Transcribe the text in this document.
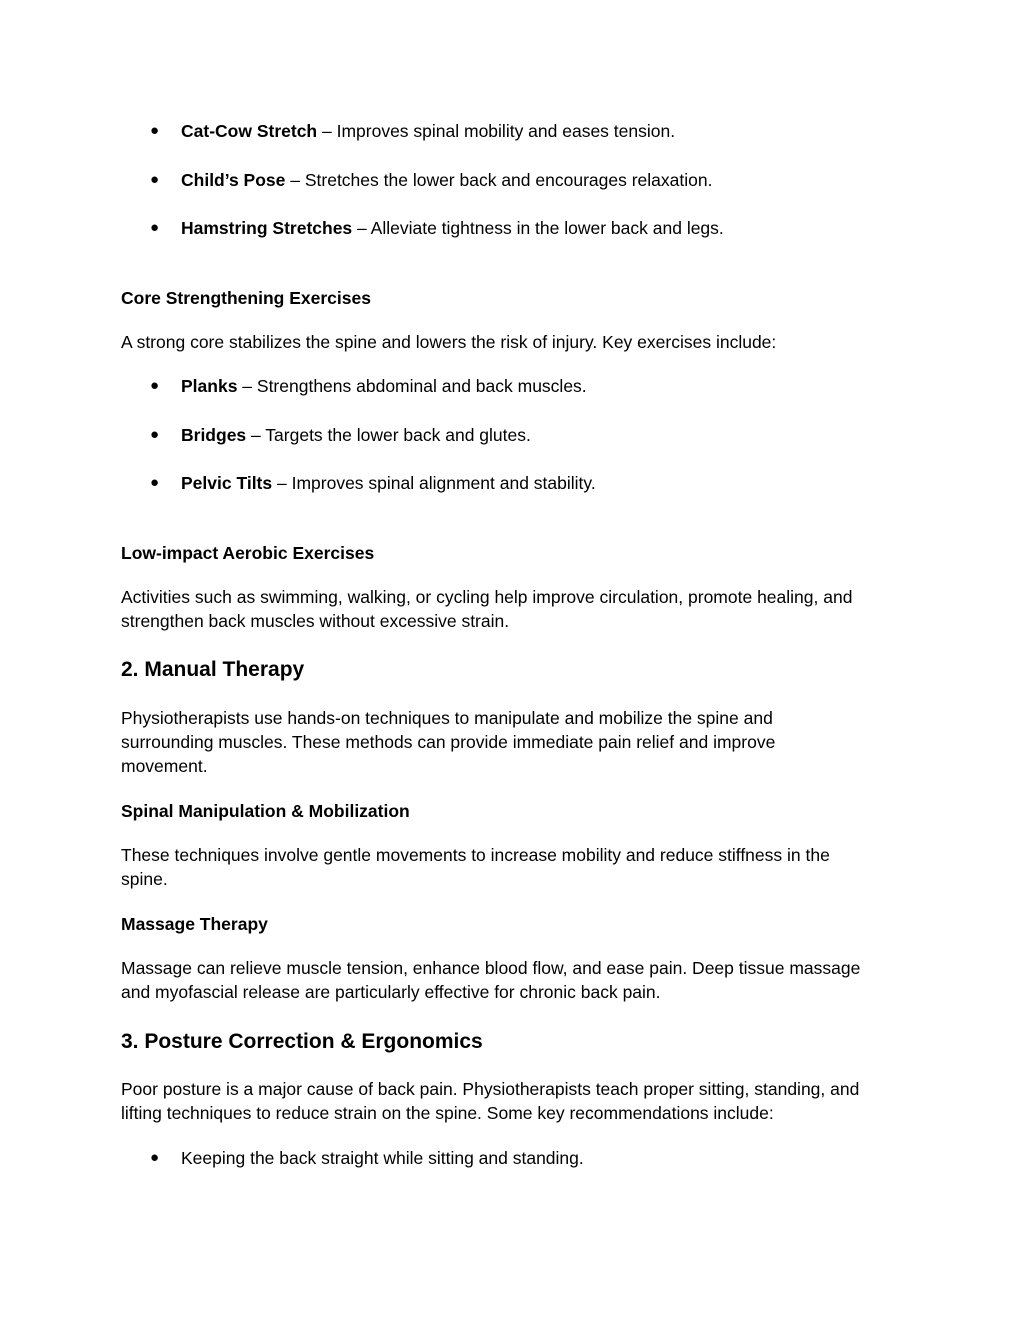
● Cat-Cow Stretch – Improves spinal mobility and eases tension.
● Child’s Pose – Stretches the lower back and encourages relaxation.
● Hamstring Stretches – Alleviate tightness in the lower back and legs.
Core Strengthening Exercises
A strong core stabilizes the spine and lowers the risk of injury. Key exercises include:
● Planks – Strengthens abdominal and back muscles.
● Bridges – Targets the lower back and glutes.
● Pelvic Tilts – Improves spinal alignment and stability.
Low-impact Aerobic Exercises
Activities such as swimming, walking, or cycling help improve circulation, promote healing, and
strengthen back muscles without excessive strain.
2. Manual Therapy
Physiotherapists use hands-on techniques to manipulate and mobilize the spine and
surrounding muscles. These methods can provide immediate pain relief and improve
movement.
Spinal Manipulation & Mobilization
These techniques involve gentle movements to increase mobility and reduce stiffness in the
spine.
Massage Therapy
Massage can relieve muscle tension, enhance blood flow, and ease pain. Deep tissue massage
and myofascial release are particularly effective for chronic back pain.
3. Posture Correction & Ergonomics
Poor posture is a major cause of back pain. Physiotherapists teach proper sitting, standing, and
lifting techniques to reduce strain on the spine. Some key recommendations include:
● Keeping the back straight while sitting and standing.
